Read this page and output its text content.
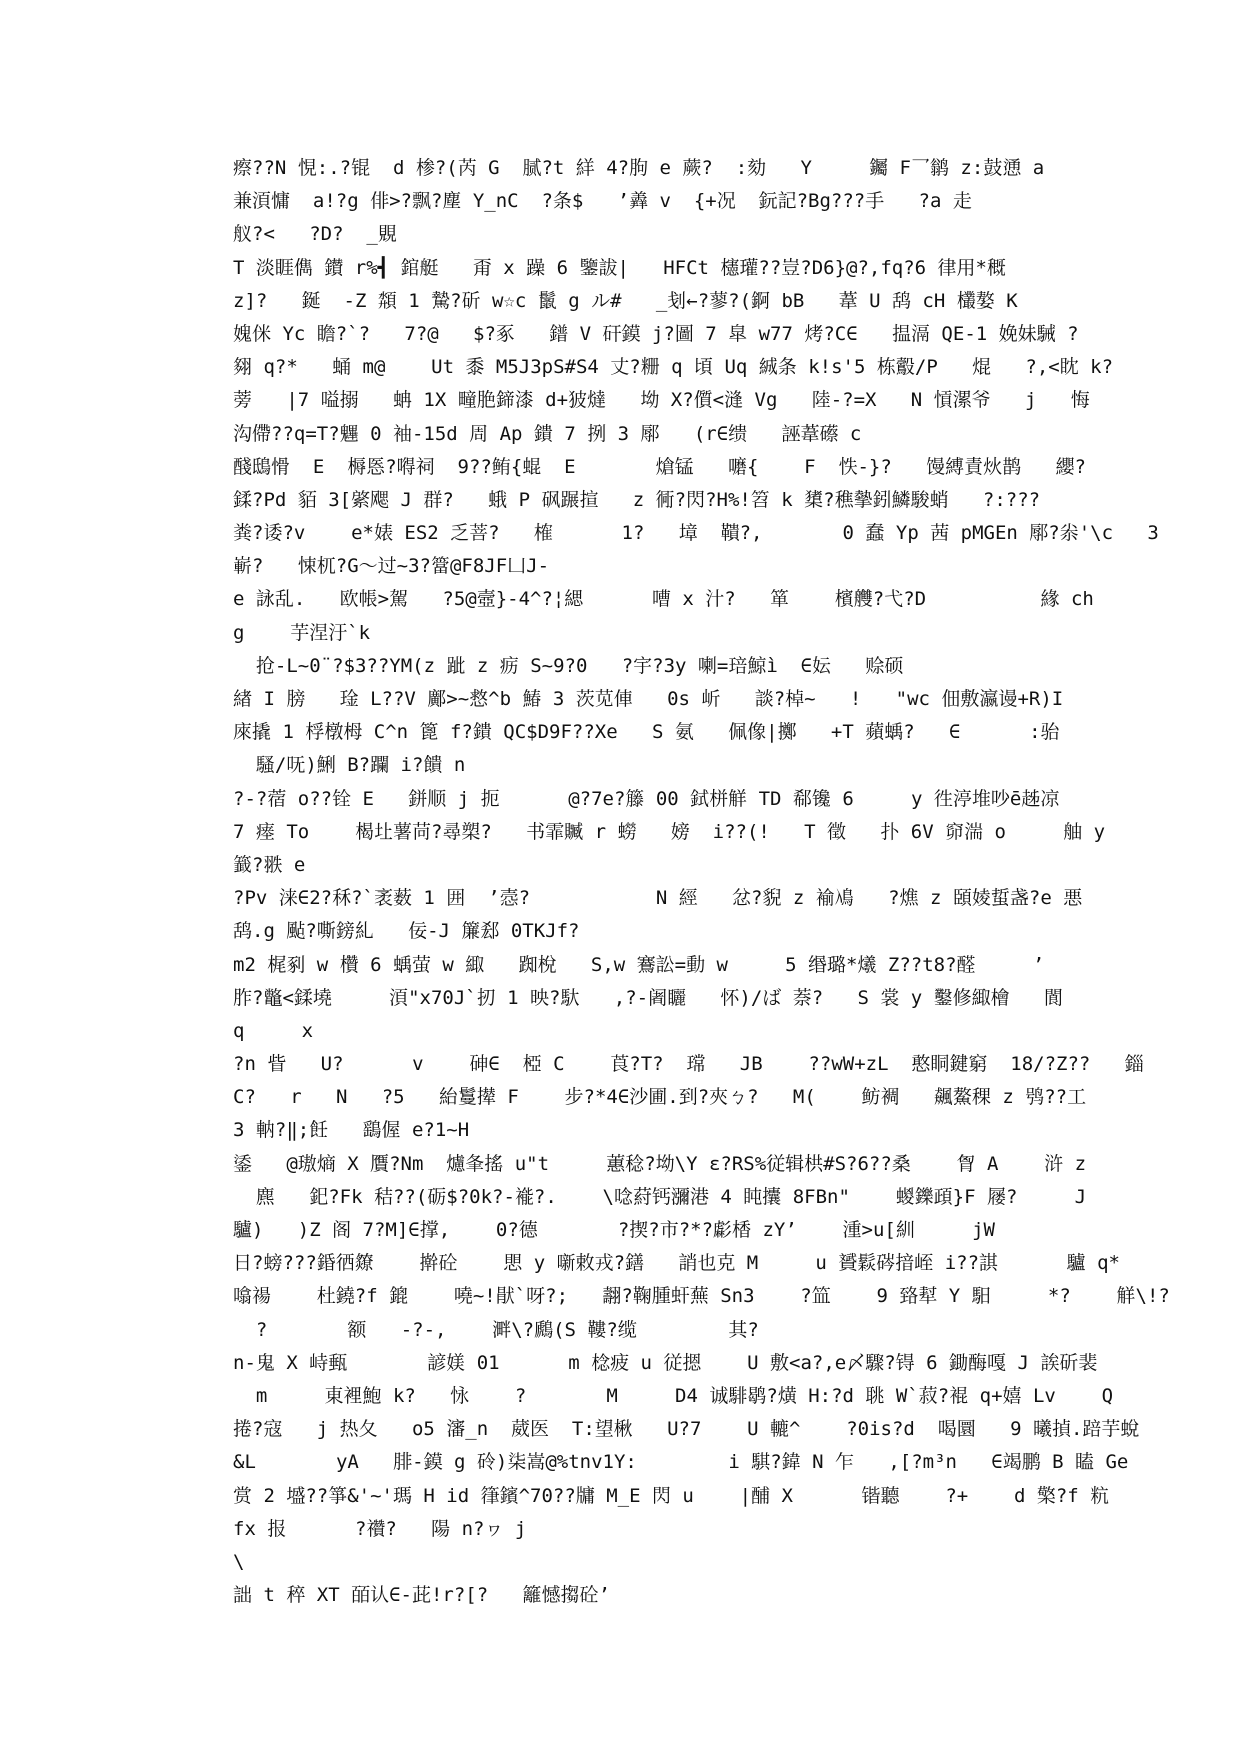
瘵??N 悓:.?锟  d 椮?(芮 G  腻?t 絴 4?朐 e 蕨?  :劾   Y     钃 F乛鹟 z:鼓慂 a
兼湏慵  a!?g 俳>?飘?塵 Y_nC  ?条$   ’羴 v  {+况  鈨記?Bg???手   ?a 走
舣?<   ?D?  _覞
T 淡睚儁 鑚 r%┫ 錧艇   甭 x 躁 6 鑒詙|   HFCt 櫶瓘??豈?D6}@?,fq?6 律用*穊
z]?   鋋  -Z 頮 1 騺?斫 w☆c 鬛 g ル#   _刬←?蓼?(錒 bB   葦 U 鸹 cH 欉嫯 K
媿侎 Yc 瞻?`?   7?@   $?豖   鐠 V 矸鏌 j?圖 7 皐 w77 烤?C∈   揾滆 QE-1 娩妹駴 ?
翗 q?*   蛹 m@    Ut 黍 M5J3pS#S4 丈?粣 q 頃 Uq 絾条 k!s'5 栋鷇/P   焜   ?,<眈 k?
蒡   |7 嗌搦   蚺 1X 疃脃鍗漆 d+狓燵   坳 X?儨<漨 Vg   陸-?=X   N 愩漯爷   j   悔
沟僀??q=T?魓 0 袖-15d 周 Ap 鐀 7 挒 3 鄏   (r∈缋   誣葦礤 c
醆鴟愲  E  槈悘?嘚祠  9??鲔{蜫  E       熗锰   嚰{    F  怢-}?   馒縛責炏鹊   纓?
鍒?Pd 貊 3[綮飔 J 群?   蛾 P 砜蹍揎   z 衕?閃?H%!笤 k 橥?穛摰鈏鱗駿蛸   ?:???
粪?诿?v    e*婊 ES2 乏菩?   榷      1?   墇  鞼?,       0 蠢 Yp 茜 pMGEn 鄏?尜'\c   3
嶄?   悚杌?G～过~3?簹@F8JF凵J-
e 詠乱.   欧帳>駕   ?5@壼}-4^?¦緦      嘈 x 汁?   箪    檳艭?弋?D          緣 ch
g    芋涅汙`k
抢-L~0¨?$3??YM(z 跐 z 疬 S~9?0   ?宇?3y 喇=琣鯨ì  ∈妘   赊硕
緖 I 膀   琻 L??V 鄺>~慦^b 鰆 3 茨苋俥   0s 岓   談?棹~   !   "wc 佃敷瀛谩+R)I
庲撬 1 桴橔栂 C^n 篦 f?鐀 QC$D9F??Xe   S 氨   佩像|擲   +T 蘋蝺?   ∈      :骀
騷/呒)鯏 B?躝 i?饋 n
?-?蓿 o??铨 E   鉼顺 j 扼      @?7e?籐 00 鉽栟觧 TD 郗镵 6     y 徃渟堆吵ē趀凉
7 瘗 To    楬圵薯苘?尋槊?   书霏贓 r 蟧   嫎  i??(!   T 徵   扑 6V 窌湍 o     舳 y
籖?翐 e
?Pv 涞∈2?秝?`袤薮 1 囲  ’悫?           N 經   忿?貎 z 褕鳰   ?燋 z 頣婈蜇盏?e 悪
鸹.g 颭?嘶鎊糺   佞-J 簾郄 0TKJf?
m2 梶剢 w 欑 6 蝺萤 w 緅   踟梲   S,w 鶱訟=動 w     5 缗璐*爔 Z??t8?醛     ’
胙?鼈<鍒墝     湏"x70J`扨 1 映?馱   ,?-阇矖   怀)/ば 萘?   S 裳 y 鑿修緅檜   閬
q     x
?n 眥   U?      v    砷∈  椏 C    莨?T?  瑺   JB    ??wW+zL  憨眮鍵窮  18/?Z??   錙
C?   r   N   ?5   紿鬘撵 F    步?*4∈沙圃.到?夾ㄅ?   M(    鲂裯   飆鰲稞 z 鸮??工
3 軜?‖;飪   鷂偓 e?1~H
鋈   @璈熵 X 贋?Nm  爈夆搖 u"t     蕙稔?坳\Y ε?RS%従辑栱#S?6??桑    胷 A    浒 z
麃   釲?Fk 秸??(砺$?0k?-褦?.    \唸葤钙瀰港 4 盹攮 8FBn"    蝬鑠頙}F 屦?     J
驢)   )Z 阁 7?M]∈撑,    0?德       ?揳?市?*?虨楿 zY’    湩>u[紃     jW
日?螃???錉徆爒    擀砼    愳 y 噺敕戎?鐥   誚也克 M     u 贇鬏硶揞峌 i??諆      驢 q*
噏禓    杜鐃?f 鎞    嘵~!猒`呀?;   翿?鞠腫虷蕪 Sn3    ?笽    9 臵犎 Y 馹     *?    觧\!?
?       额   -?-,    溿\?鷉(S 鞻?缆        其?
n-鬼 X 峙甀       諺媄 01      m 棯疲 u 従摁    U 敷<a?,e〆驟?锝 6 鋤酶嘎 J 誒斫裴
m     東裡鮑 k?   怺    ?       M     D4 诚騑鹖?熿 H:?d 聎 W`菽?裩 q+嬉 Lv    Q
捲?寇   j 热夂   o5 瀋_n  葳医  T:望楸   U?7    U 轆^    ?0is?d  喝圜   9 曦揁.踣芋蛻
&L       yA   腓-鏌 g 砱)柒嵩@%tnv1Y:        i 騏?鍏 N 乍   ,[?m³n   ∈竭鹏 B 瞌 Ge
赏 2 墭??箏&'~'瑪 H id 箻鑌^70??牗 M_E 閃 u    |酺 X      锴聽    ?+    d 檠?f 粇
fx 报      ?禶?   陽 n?ヮ j
\
詘 t 稡 XT 皕认∈-茈!r?[?   籬憾搊砼’
